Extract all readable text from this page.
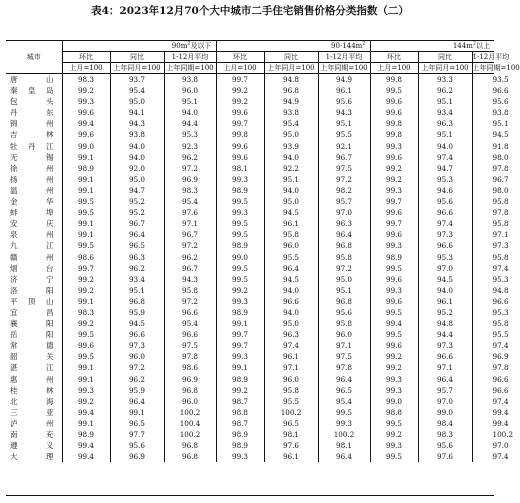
表4：2023年12月70个大中城市二手住宅销售价格分类指数（二）
城市	$90m^2$及以下			$90-144m^2$			$144m^2$以上		
	环比	同比	1-12月平均	环比	同比	1-12月平均	环比	同比	1-12月平均
	上月=100	上年同月=100	上年同期=100	上月=100	上年同月=100	上年同期=100	上月=100	上年同月=100	上年同期=100
唐山	98.3	93.7	93.8	99.7	94.8	94.9	99.8	93.3	93.5
秦皇岛	99.2	95.4	96.0	99.2	96.8	96.1	99.5	96.2	96.6
包头	99.3	95.0	95.1	99.2	94.9	95.6	99.6	95.1	95.6
丹东	99.6	94.1	94.0	99.6	93.8	94.3	99.6	93.4	93.8
锦州	99.4	94.3	94.4	99.7	95.4	95.1	99.8	96.3	95.1
吉林	99.6	93.8	95.3	99.8	95.0	95.5	99.8	95.1	94.5
牡丹江	99.0	94.0	92.3	99.6	93.9	92.1	99.3	94.0	91.8
无锡	99.1	94.0	96.2	99.6	94.0	96.7	99.6	97.4	98.0
徐州	98.9	92.0	97.2	98.1	92.2	97.5	99.2	94.7	97.8
扬州	99.1	95.0	96.9	99.3	95.1	97.2	99.2	95.3	96.7
温州	99.1	94.7	98.3	98.9	94.0	98.2	99.3	94.6	98.0
金华	99.5	95.2	95.4	99.5	95.0	95.7	99.7	95.6	95.8
蚌埠	99.5	95.2	97.6	99.3	94.5	97.0	99.6	96.6	97.8
安庆	99.1	96.7	97.1	99.5	96.1	96.3	99.7	97.4	95.8
泉州	99.1	96.4	96.7	99.5	95.8	96.4	99.6	97.3	97.1
九江	99.5	96.5	97.2	98.9	96.0	96.8	99.3	96.6	97.3
赣州	98.6	96.3	96.2	99.0	95.5	95.8	98.9	95.3	95.8
烟台	99.7	96.2	96.7	99.5	96.4	97.2	99.5	97.0	97.4
济宁	99.2	93.4	94.3	99.5	94.5	95.0	99.6	94.5	95.3
洛阳	99.2	95.1	95.8	99.2	94.0	95.1	99.3	94.0	94.8
平顶山	99.1	96.8	97.2	99.3	96.6	96.8	99.6	96.1	96.6
宜昌	98.3	95.9	96.6	98.9	94.0	95.6	99.5	95.2	95.3
襄阳	99.2	94.5	95.4	99.1	95.0	95.8	99.4	94.8	95.8
岳阳	99.5	96.6	96.6	99.7	96.3	96.0	99.5	94.4	95.5
常德	99.6	97.3	97.5	99.7	97.4	97.1	99.6	97.3	97.4
韶关	99.5	96.0	97.8	99.3	96.1	97.5	99.2	96.6	96.9
湛江	99.1	97.2	98.6	99.1	97.1	97.8	99.2	97.1	97.8
惠州	99.1	96.2	96.9	98.9	96.0	96.4	99.3	96.4	96.6
桂林	99.3	95.9	96.8	99.2	95.8	96.5	99.3	95.7	96.6
北海	99.2	96.4	96.0	98.7	95.5	95.4	99.0	97.0	97.4
三亚	99.4	99.1	100.2	98.8	100.2	99.5	98.8	99.0	99.4
泸州	99.1	96.5	100.4	98.7	96.5	99.3	99.5	98.4	99.4
南充	98.9	97.7	100.2	98.9	98.1	100.2	99.2	98.3	100.2
遵义	99.4	95.6	96.8	98.9	97.6	98.1	99.3	95.6	97.0
大理	99.4	96.9	96.8	99.3	96.1	96.4	99.5	97.6	97.4
